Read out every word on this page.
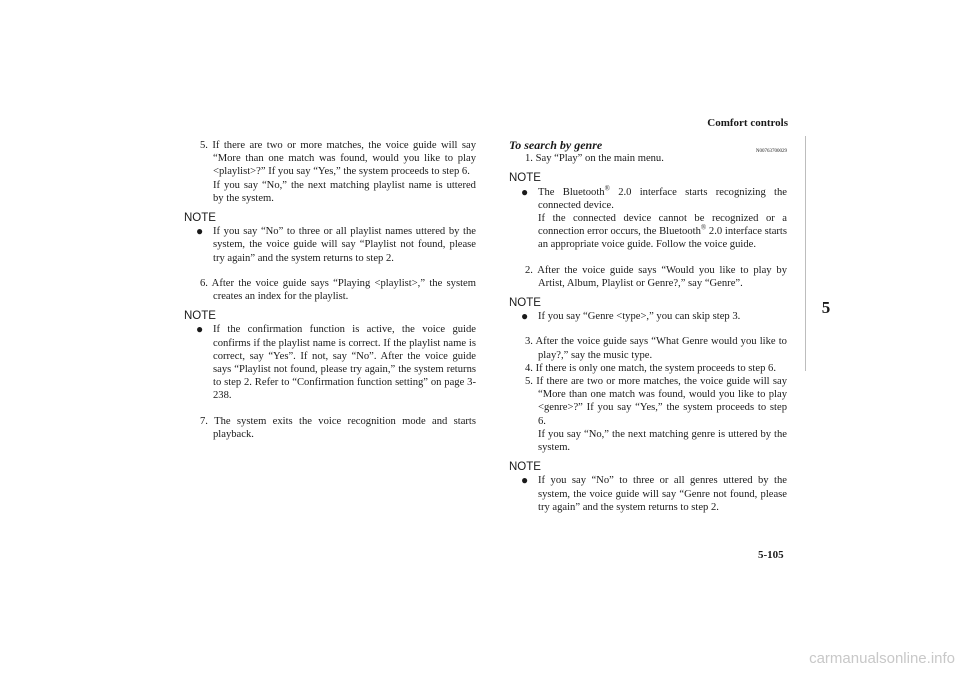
Comfort controls
5
5. If there are two or more matches, the voice guide will say “More than one match was found, would you like to play <playlist>?” If you say “Yes,” the system proceeds to step 6.
If you say “No,” the next matching playlist name is uttered by the system.
NOTE
● If you say “No” to three or all playlist names uttered by the system, the voice guide will say “Playlist not found, please try again” and the system returns to step 2.
6. After the voice guide says “Playing <playlist>,” the system creates an index for the playlist.
NOTE
● If the confirmation function is active, the voice guide confirms if the playlist name is correct. If the playlist name is correct, say “Yes”. If not, say “No”. After the voice guide says “Playlist not found, please try again,” the system returns to step 2. Refer to “Confirmation function setting” on page 3-238.
7. The system exits the voice recognition mode and starts playback.
To search by genre	N00763700029
1. Say “Play” on the main menu.
NOTE
● The Bluetooth® 2.0 interface starts recognizing the connected device.
If the connected device cannot be recognized or a connection error occurs, the Bluetooth® 2.0 interface starts an appropriate voice guide. Follow the voice guide.
2. After the voice guide says “Would you like to play by Artist, Album, Playlist or Genre?,” say “Genre”.
NOTE
● If you say “Genre <type>,” you can skip step 3.
3. After the voice guide says “What Genre would you like to play?,” say the music type.
4. If there is only one match, the system proceeds to step 6.
5. If there are two or more matches, the voice guide will say “More than one match was found, would you like to play <genre>?” If you say “Yes,” the system proceeds to step 6.
If you say “No,” the next matching genre is uttered by the system.
NOTE
● If you say “No” to three or all genres uttered by the system, the voice guide will say “Genre not found, please try again” and the system returns to step 2.
5-105
carmanualsonline.info
